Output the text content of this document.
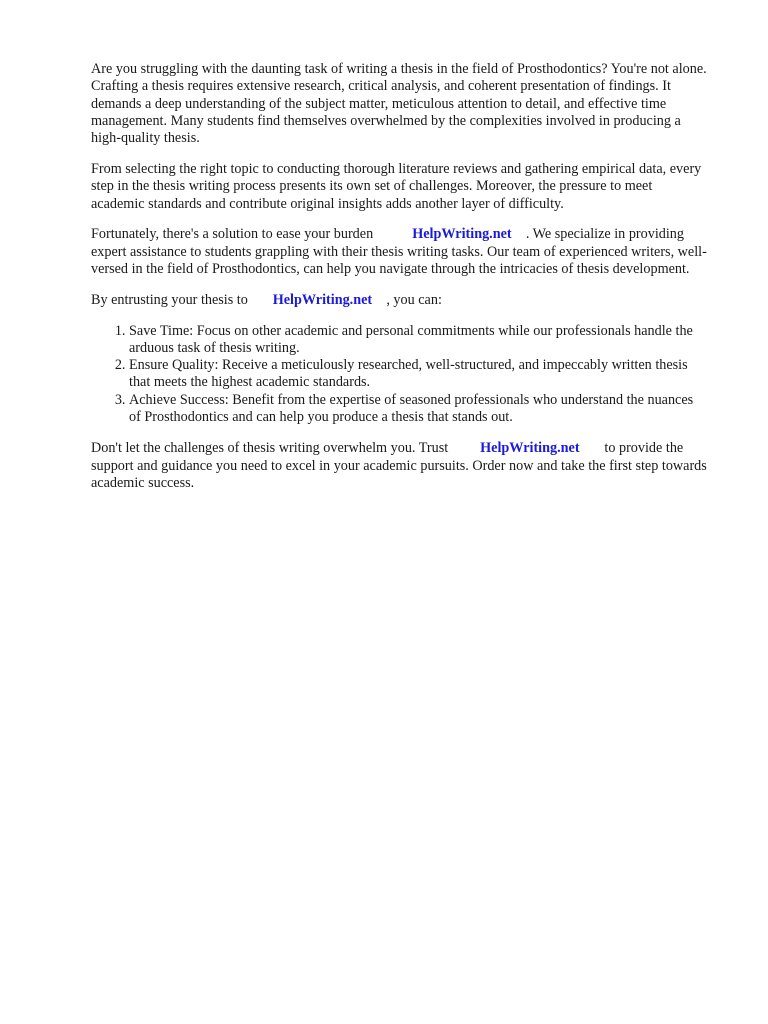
Are you struggling with the daunting task of writing a thesis in the field of Prosthodontics? You're not alone. Crafting a thesis requires extensive research, critical analysis, and coherent presentation of findings. It demands a deep understanding of the subject matter, meticulous attention to detail, and effective time management. Many students find themselves overwhelmed by the complexities involved in producing a high-quality thesis.

From selecting the right topic to conducting thorough literature reviews and gathering empirical data, every step in the thesis writing process presents its own set of challenges. Moreover, the pressure to meet academic standards and contribute original insights adds another layer of difficulty.

Fortunately, there's a solution to ease your burden	HelpWriting.net . We specialize in providing expert assistance to students grappling with their thesis writing tasks. Our team of experienced writers, well-versed in the field of Prosthodontics, can help you navigate through the intricacies of thesis development.

By entrusting your thesis to HelpWriting.net , you can:

1. Save Time: Focus on other academic and personal commitments while our professionals handle the arduous task of thesis writing.
2. Ensure Quality: Receive a meticulously researched, well-structured, and impeccably written thesis that meets the highest academic standards.
3. Achieve Success: Benefit from the expertise of seasoned professionals who understand the nuances of Prosthodontics and can help you produce a thesis that stands out.

Don't let the challenges of thesis writing overwhelm you. Trust HelpWriting.net to provide the support and guidance you need to excel in your academic pursuits. Order now and take the first step towards academic success.
